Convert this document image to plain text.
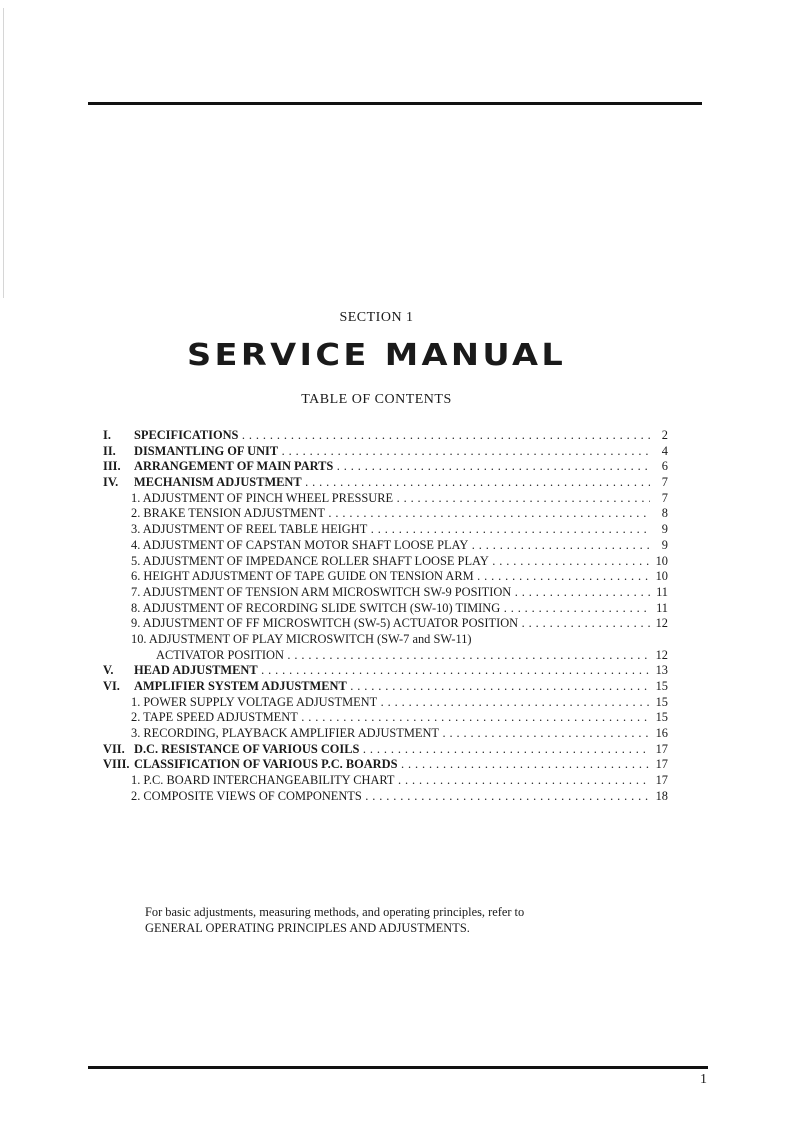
SECTION 1
SERVICE MANUAL
TABLE OF CONTENTS
I. SPECIFICATIONS . . .	2
II. DISMANTLING OF UNIT . . .	4
III. ARRANGEMENT OF MAIN PARTS . . .	6
IV. MECHANISM ADJUSTMENT . . .	7
1. ADJUSTMENT OF PINCH WHEEL PRESSURE . . .	7
2. BRAKE TENSION ADJUSTMENT . . .	8
3. ADJUSTMENT OF REEL TABLE HEIGHT . . .	9
4. ADJUSTMENT OF CAPSTAN MOTOR SHAFT LOOSE PLAY . . .	9
5. ADJUSTMENT OF IMPEDANCE ROLLER SHAFT LOOSE PLAY . . .	10
6. HEIGHT ADJUSTMENT OF TAPE GUIDE ON TENSION ARM . . .	10
7. ADJUSTMENT OF TENSION ARM MICROSWITCH SW-9 POSITION . . .	11
8. ADJUSTMENT OF RECORDING SLIDE SWITCH (SW-10) TIMING . . .	11
9. ADJUSTMENT OF FF MICROSWITCH (SW-5) ACTUATOR POSITION . . .	12
10. ADJUSTMENT OF PLAY MICROSWITCH (SW-7 and SW-11)
ACTIVATOR POSITION . . .	12
V. HEAD ADJUSTMENT . . .	13
VI. AMPLIFIER SYSTEM ADJUSTMENT . . .	15
1. POWER SUPPLY VOLTAGE ADJUSTMENT . . .	15
2. TAPE SPEED ADJUSTMENT . . .	15
3. RECORDING, PLAYBACK AMPLIFIER ADJUSTMENT . . .	16
VII. D.C. RESISTANCE OF VARIOUS COILS . . .	17
VIII. CLASSIFICATION OF VARIOUS P.C. BOARDS . . .	17
1. P.C. BOARD INTERCHANGEABILITY CHART . . .	17
2. COMPOSITE VIEWS OF COMPONENTS . . .	18
For basic adjustments, measuring methods, and operating principles, refer to
GENERAL OPERATING PRINCIPLES AND ADJUSTMENTS.
1
